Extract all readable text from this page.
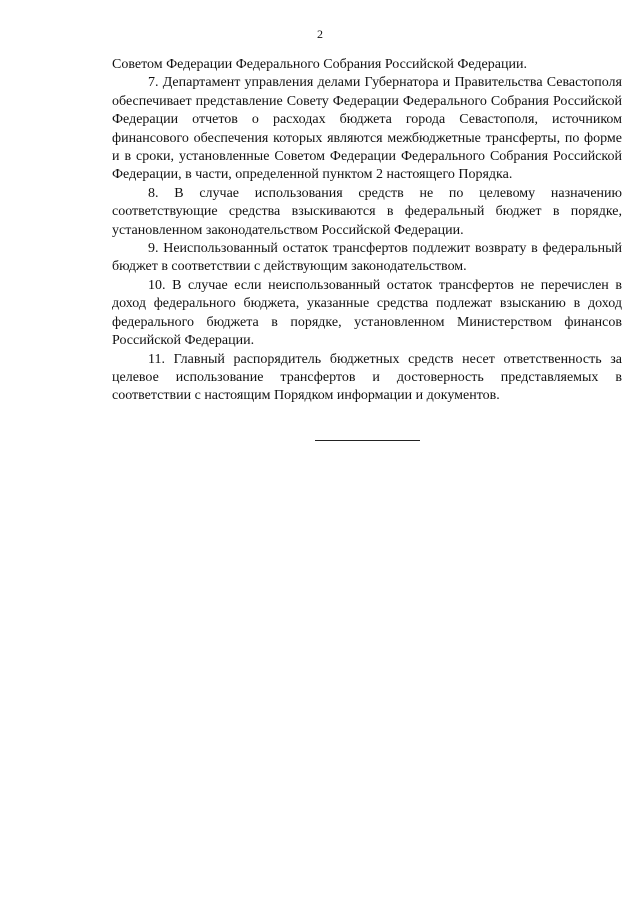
2

Советом Федерации Федерального Собрания Российской Федерации.

7. Департамент управления делами Губернатора и Правительства Севастополя обеспечивает представление Совету Федерации Федерального Собрания Российской Федерации отчетов о расходах бюджета города Севастополя, источником финансового обеспечения которых являются межбюджетные трансферты, по форме и в сроки, установленные Советом Федерации Федерального Собрания Российской Федерации, в части, определенной пунктом 2 настоящего Порядка.

8. В случае использования средств не по целевому назначению соответствующие средства взыскиваются в федеральный бюджет в порядке, установленном законодательством Российской Федерации.

9. Неиспользованный остаток трансфертов подлежит возврату в федеральный бюджет в соответствии с действующим законодательством.

10. В случае если неиспользованный остаток трансфертов не перечислен в доход федерального бюджета, указанные средства подлежат взысканию в доход федерального бюджета в порядке, установленном Министерством финансов Российской Федерации.

11. Главный распорядитель бюджетных средств несет ответственность за целевое использование трансфертов и достоверность представляемых в соответствии с настоящим Порядком информации и документов.
